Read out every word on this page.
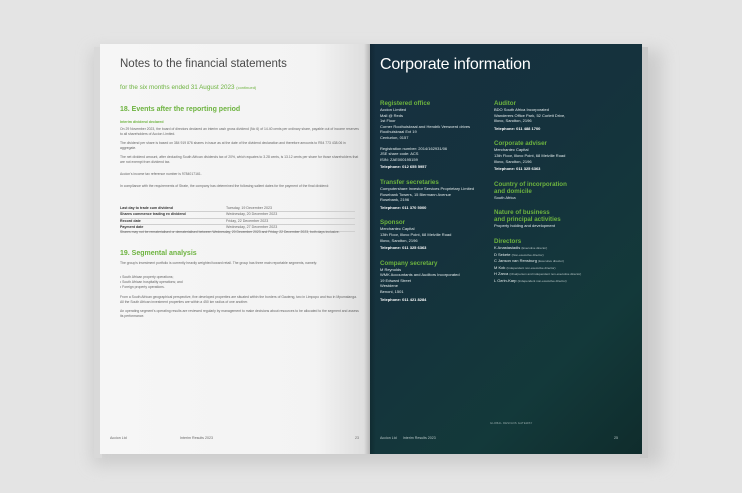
Notes to the financial statements
for the six months ended 31 August 2023 (continued)
18. Events after the reporting period
Interim dividend declared
On 29 November 2023, the board of directors declared an interim cash gross dividend (No 6) of 14.40 cents per ordinary share, payable out of income reserves to all shareholders of Accion Limited.
The dividend per share is based on 384 919 876 shares in issue as at the date of the dividend declaration and therefore amounts to R54 773 438.06 in aggregate.
The net dividend amount, after deducting South African dividends tax of 20%, which equates to 3.28 cents, is 13.12 cents per share for those shareholders that are not exempt from dividend tax.
Accion's income tax reference number is 9784017161.
In compliance with the requirements of Strate, the company has determined the following salient dates for the payment of the final dividend:
Last day to trade cum dividend	Tuesday, 19 December 2023
Shares commence trading ex dividend	Wednesday, 20 December 2023
Record date	Friday, 22 December 2023
Payment date	Wednesday, 27 December 2023
Shares may not be rematerialised or dematerialised between Wednesday, 20 December 2023 and Friday, 22 December 2023, both days inclusive.
19. Segmental analysis
The group's investment portfolio is currently heavily weighted toward retail. The group has three main reportable segments, namely:
• South African property operations;
• South African hospitality operations; and
• Foreign property operations.
From a South African geographical perspective, five developed properties are situated within the borders of Gauteng, two in Limpopo and two in Mpumalanga. All the South African investment properties are within a 450 km radius of one another.
An operating segment's operating results are reviewed regularly by management to make decisions about resources to be allocated to the segment and assess its performance.
Accion Ltd	Interim Results 2023	23
Corporate information
Registered office
Accion Limited
Mall @ Reds
1st Floor
Corner Rooihuiskraal and Hendrik Verwoerd drives
Rooihuiskraal Ext 19
Centurion, 0157
Registration number: 2014/162931/06
JSE share code: ACS
ISIN: ZAE000195159
Telephone: 012 655 5957
Transfer secretaries
Computershare Investor Services Proprietary Limited
Rosebank Towers, 15 Biermann Avenue
Rosebank, 2196
Telephone: 011 370 5000
Sponsor
Merchantec Capital
13th Floor, Illovo Point, 68 Melville Road
Illovo, Sandton, 2196
Telephone: 011 325 6363
Company secretary
M Reynolds
WMK Accountants and Auditors Incorporated
19 Edward Street
Westdene
Benoni, 1501
Telephone: 011 421 8284
Auditor
BDO South Africa Incorporated
Wanderers Office Park, 52 Corlett Drive,
Illovo, Sandton, 2196
Telephone: 011 488 1700
Corporate adviser
Merchantec Capital
13th Floor, Illovo Point, 68 Melville Road
Illovo, Sandton, 2196
Telephone: 011 325 6363
Country of incorporation
and domicile
South Africa
Nature of business
and principal activities
Property holding and development
Directors
K Anastasiadis (Executive director)
D Sekete (Non-executive director)
C Janson van Rensburg (Executive director)
M Kok (Independent non-executive director)
H Zarca (Chairperson and independent non-executive director)
L Ozrin-Karp (Independent non-executive director)
GLOBAL DESIGNS GATEWAY
Accion Ltd Interim Results 2023	25
